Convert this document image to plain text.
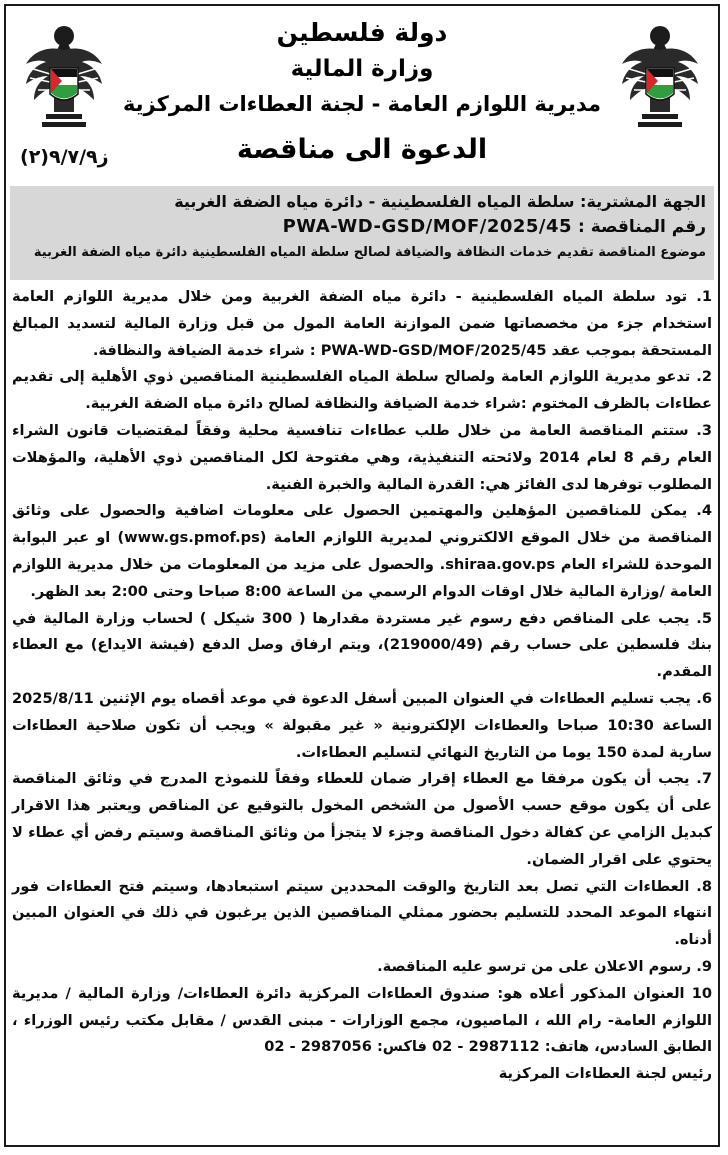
دولة فلسطين
وزارة المالية
مديرية اللوازم العامة - لجنة العطاءات المركزية
الدعوة الى مناقصة
ز٩/٧/٩(٢)
الجهة المشترية: سلطة المياه الفلسطينية - دائرة مياه الضفة الغربية
رقم المناقصة : PWA-WD-GSD/MOF/2025/45
موضوع المناقصة تقديم خدمات النظافة والضيافة لصالح سلطة المياه الفلسطينية دائرة مياه الضفة الغربية

1. تود سلطة المياه الفلسطينية - دائرة مياه الضفة الغربية ومن خلال مديرية اللوازم العامة استخدام جزء من مخصصاتها ضمن الموازنة العامة المول من قبل وزارة المالية لتسديد المبالغ المستحقة بموجب عقد PWA-WD-GSD/MOF/2025/45 : شراء خدمة الضيافة والنظافة.

2. تدعو مديرية اللوازم العامة ولصالح سلطة المياه الفلسطينية المناقصين ذوي الأهلية إلى تقديم عطاءات بالظرف المختوم :شراء خدمة الضيافة والنظافة لصالح دائرة مياه الضفة الغربية.

3. ستتم المناقصة العامة من خلال طلب عطاءات تنافسية محلية وفقاً لمقتضيات قانون الشراء العام رقم 8 لعام 2014 ولائحته التنفيذية، وهي مفتوحة لكل المناقصين ذوي الأهلية، والمؤهلات المطلوب توفرها لدى الفائز هي: القدرة المالية والخبرة الفنية.

4. يمكن للمناقصين المؤهلين والمهتمين الحصول على معلومات اضافية والحصول على وثائق المناقصة من خلال الموقع الالكتروني لمديرية اللوازم العامة (www.gs.pmof.ps) او عبر البوابة الموحدة للشراء العام shiraa.gov.ps. والحصول على مزيد من المعلومات من خلال مديرية اللوازم العامة /وزارة المالية خلال اوقات الدوام الرسمي من الساعة 8:00 صباحا وحتى 2:00 بعد الظهر.

5. يجب على المناقص دفع رسوم غير مستردة مقدارها ( 300 شيكل ) لحساب وزارة المالية في بنك فلسطين على حساب رقم (219000/49)، ويتم ارفاق وصل الدفع (فيشة الايداع) مع العطاء المقدم.

6. يجب تسليم العطاءات في العنوان المبين أسفل الدعوة في موعد أقصاه يوم الإثنين 2025/8/11 الساعة 10:30 صباحا والعطاءات الإلكترونية « غير مقبولة » ويجب أن تكون صلاحية العطاءات سارية لمدة 150 يوما من التاريخ النهائي لتسليم العطاءات.

7. يجب أن يكون مرفقا مع العطاء إقرار ضمان للعطاء وفقاً للنموذج المدرج في وثائق المناقصة على أن يكون موقع حسب الأصول من الشخص المخول بالتوقيع عن المناقص ويعتبر هذا الاقرار كبديل الزامي عن كفالة دخول المناقصة وجزء لا يتجزأ من وثائق المناقصة وسيتم رفض أي عطاء لا يحتوي على اقرار الضمان.

8. العطاءات التي تصل بعد التاريخ والوقت المحددين سيتم استبعادها، وسيتم فتح العطاءات فور انتهاء الموعد المحدد للتسليم بحضور ممثلي المناقصين الذين يرغبون في ذلك في العنوان المبين أدناه.

9. رسوم الاعلان على من ترسو عليه المناقصة.

10 العنوان المذكور أعلاه هو: صندوق العطاءات المركزية دائرة العطاءات/ وزارة المالية / مديرية اللوازم العامة- رام الله ، الماصيون، مجمع الوزارات - مبنى القدس / مقابل مكتب رئيس الوزراء ، الطابق السادس، هاتف: 2987112 - 02 فاكس: 2987056 - 02

رئيس لجنة العطاءات المركزية
